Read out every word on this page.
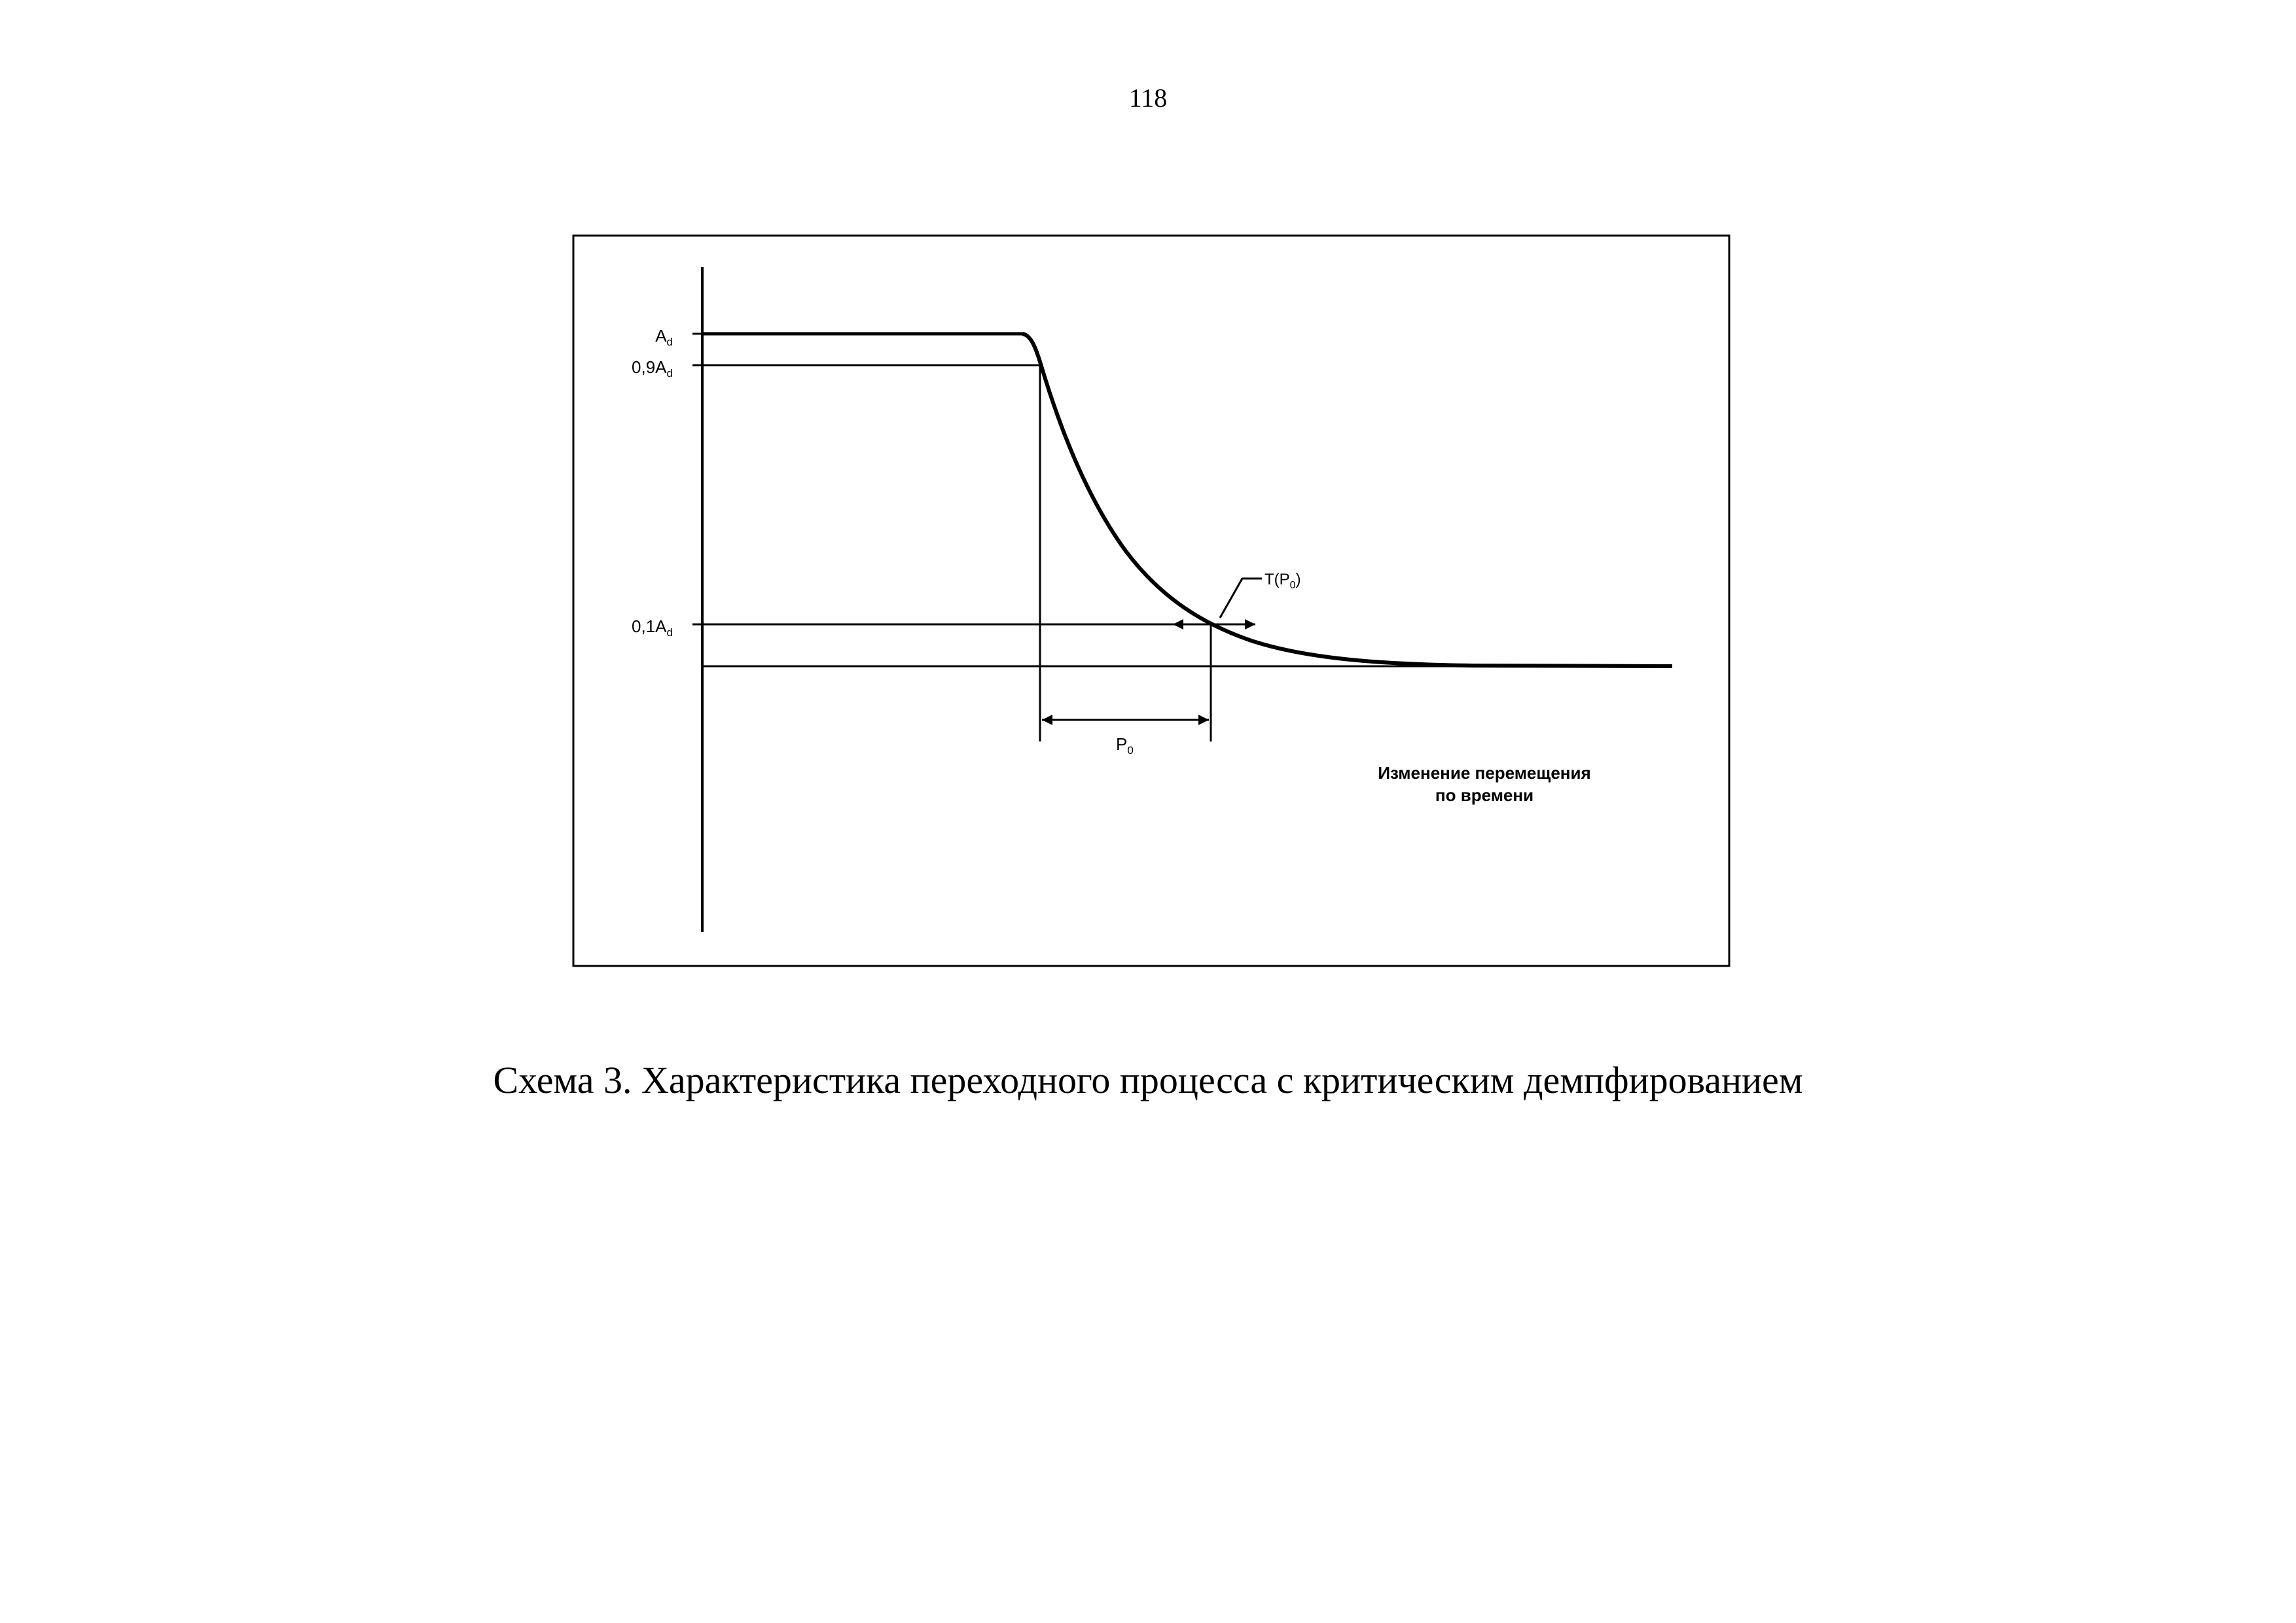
118
$A_d$
$0,9A_d$
$0,1A_d$
$P_0$
$T(P_0)$
Изменение перемещения
по времени
Схема 3. Характеристика переходного процесса с критическим демпфированием
